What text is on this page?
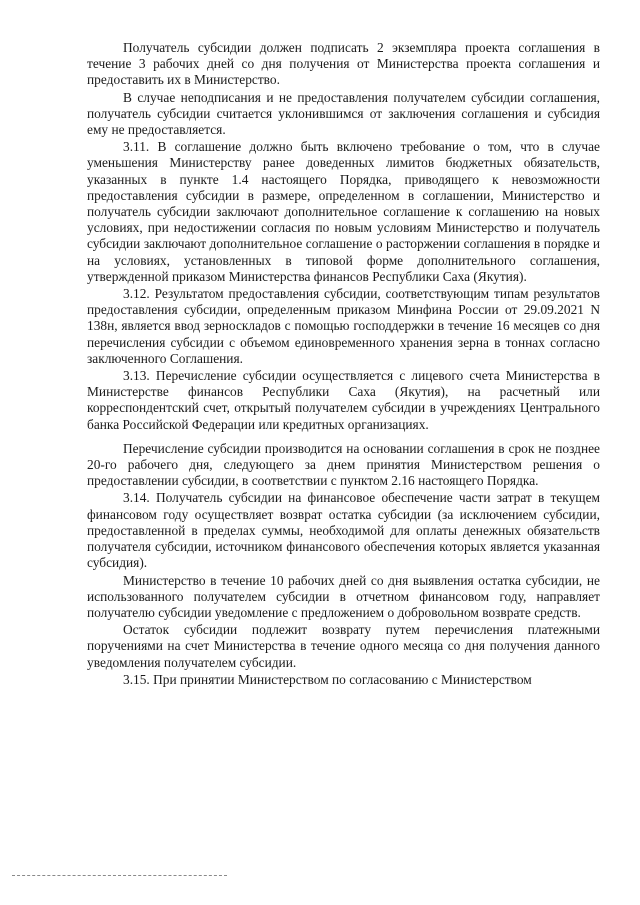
Получатель субсидии должен подписать 2 экземпляра проекта соглашения в течение 3 рабочих дней со дня получения от Министерства проекта соглашения и предоставить их в Министерство.

В случае неподписания и не предоставления получателем субсидии соглашения, получатель субсидии считается уклонившимся от заключения соглашения и субсидия ему не предоставляется.

3.11. В соглашение должно быть включено требование о том, что в случае уменьшения Министерству ранее доведенных лимитов бюджетных обязательств, указанных в пункте 1.4 настоящего Порядка, приводящего к невозможности предоставления субсидии в размере, определенном в соглашении, Министерство и получатель субсидии заключают дополнительное соглашение к соглашению на новых условиях, при недостижении согласия по новым условиям Министерство и получатель субсидии заключают дополнительное соглашение о расторжении соглашения в порядке и на условиях, установленных в типовой форме дополнительного соглашения, утвержденной приказом Министерства финансов Республики Саха (Якутия).

3.12. Результатом предоставления субсидии, соответствующим типам результатов предоставления субсидии, определенным приказом Минфина России от 29.09.2021 N 138н, является ввод зерноскладов с помощью господдержки в течение 16 месяцев со дня перечисления субсидии с объемом единовременного хранения зерна в тоннах согласно заключенного Соглашения.

3.13. Перечисление субсидии осуществляется с лицевого счета Министерства в Министерстве финансов Республики Саха (Якутия), на расчетный или корреспондентский счет, открытый получателем субсидии в учреждениях Центрального банка Российской Федерации или кредитных организациях.

Перечисление субсидии производится на основании соглашения в срок не позднее 20-го рабочего дня, следующего за днем принятия Министерством решения о предоставлении субсидии, в соответствии с пунктом 2.16 настоящего Порядка.

3.14. Получатель субсидии на финансовое обеспечение части затрат в текущем финансовом году осуществляет возврат остатка субсидии (за исключением субсидии, предоставленной в пределах суммы, необходимой для оплаты денежных обязательств получателя субсидии, источником финансового обеспечения которых является указанная субсидия).

Министерство в течение 10 рабочих дней со дня выявления остатка субсидии, не использованного получателем субсидии в отчетном финансовом году, направляет получателю субсидии уведомление с предложением о добровольном возврате средств.

Остаток субсидии подлежит возврату путем перечисления платежными поручениями на счет Министерства в течение одного месяца со дня получения данного уведомления получателем субсидии.

3.15. При принятии Министерством по согласованию с Министерством
